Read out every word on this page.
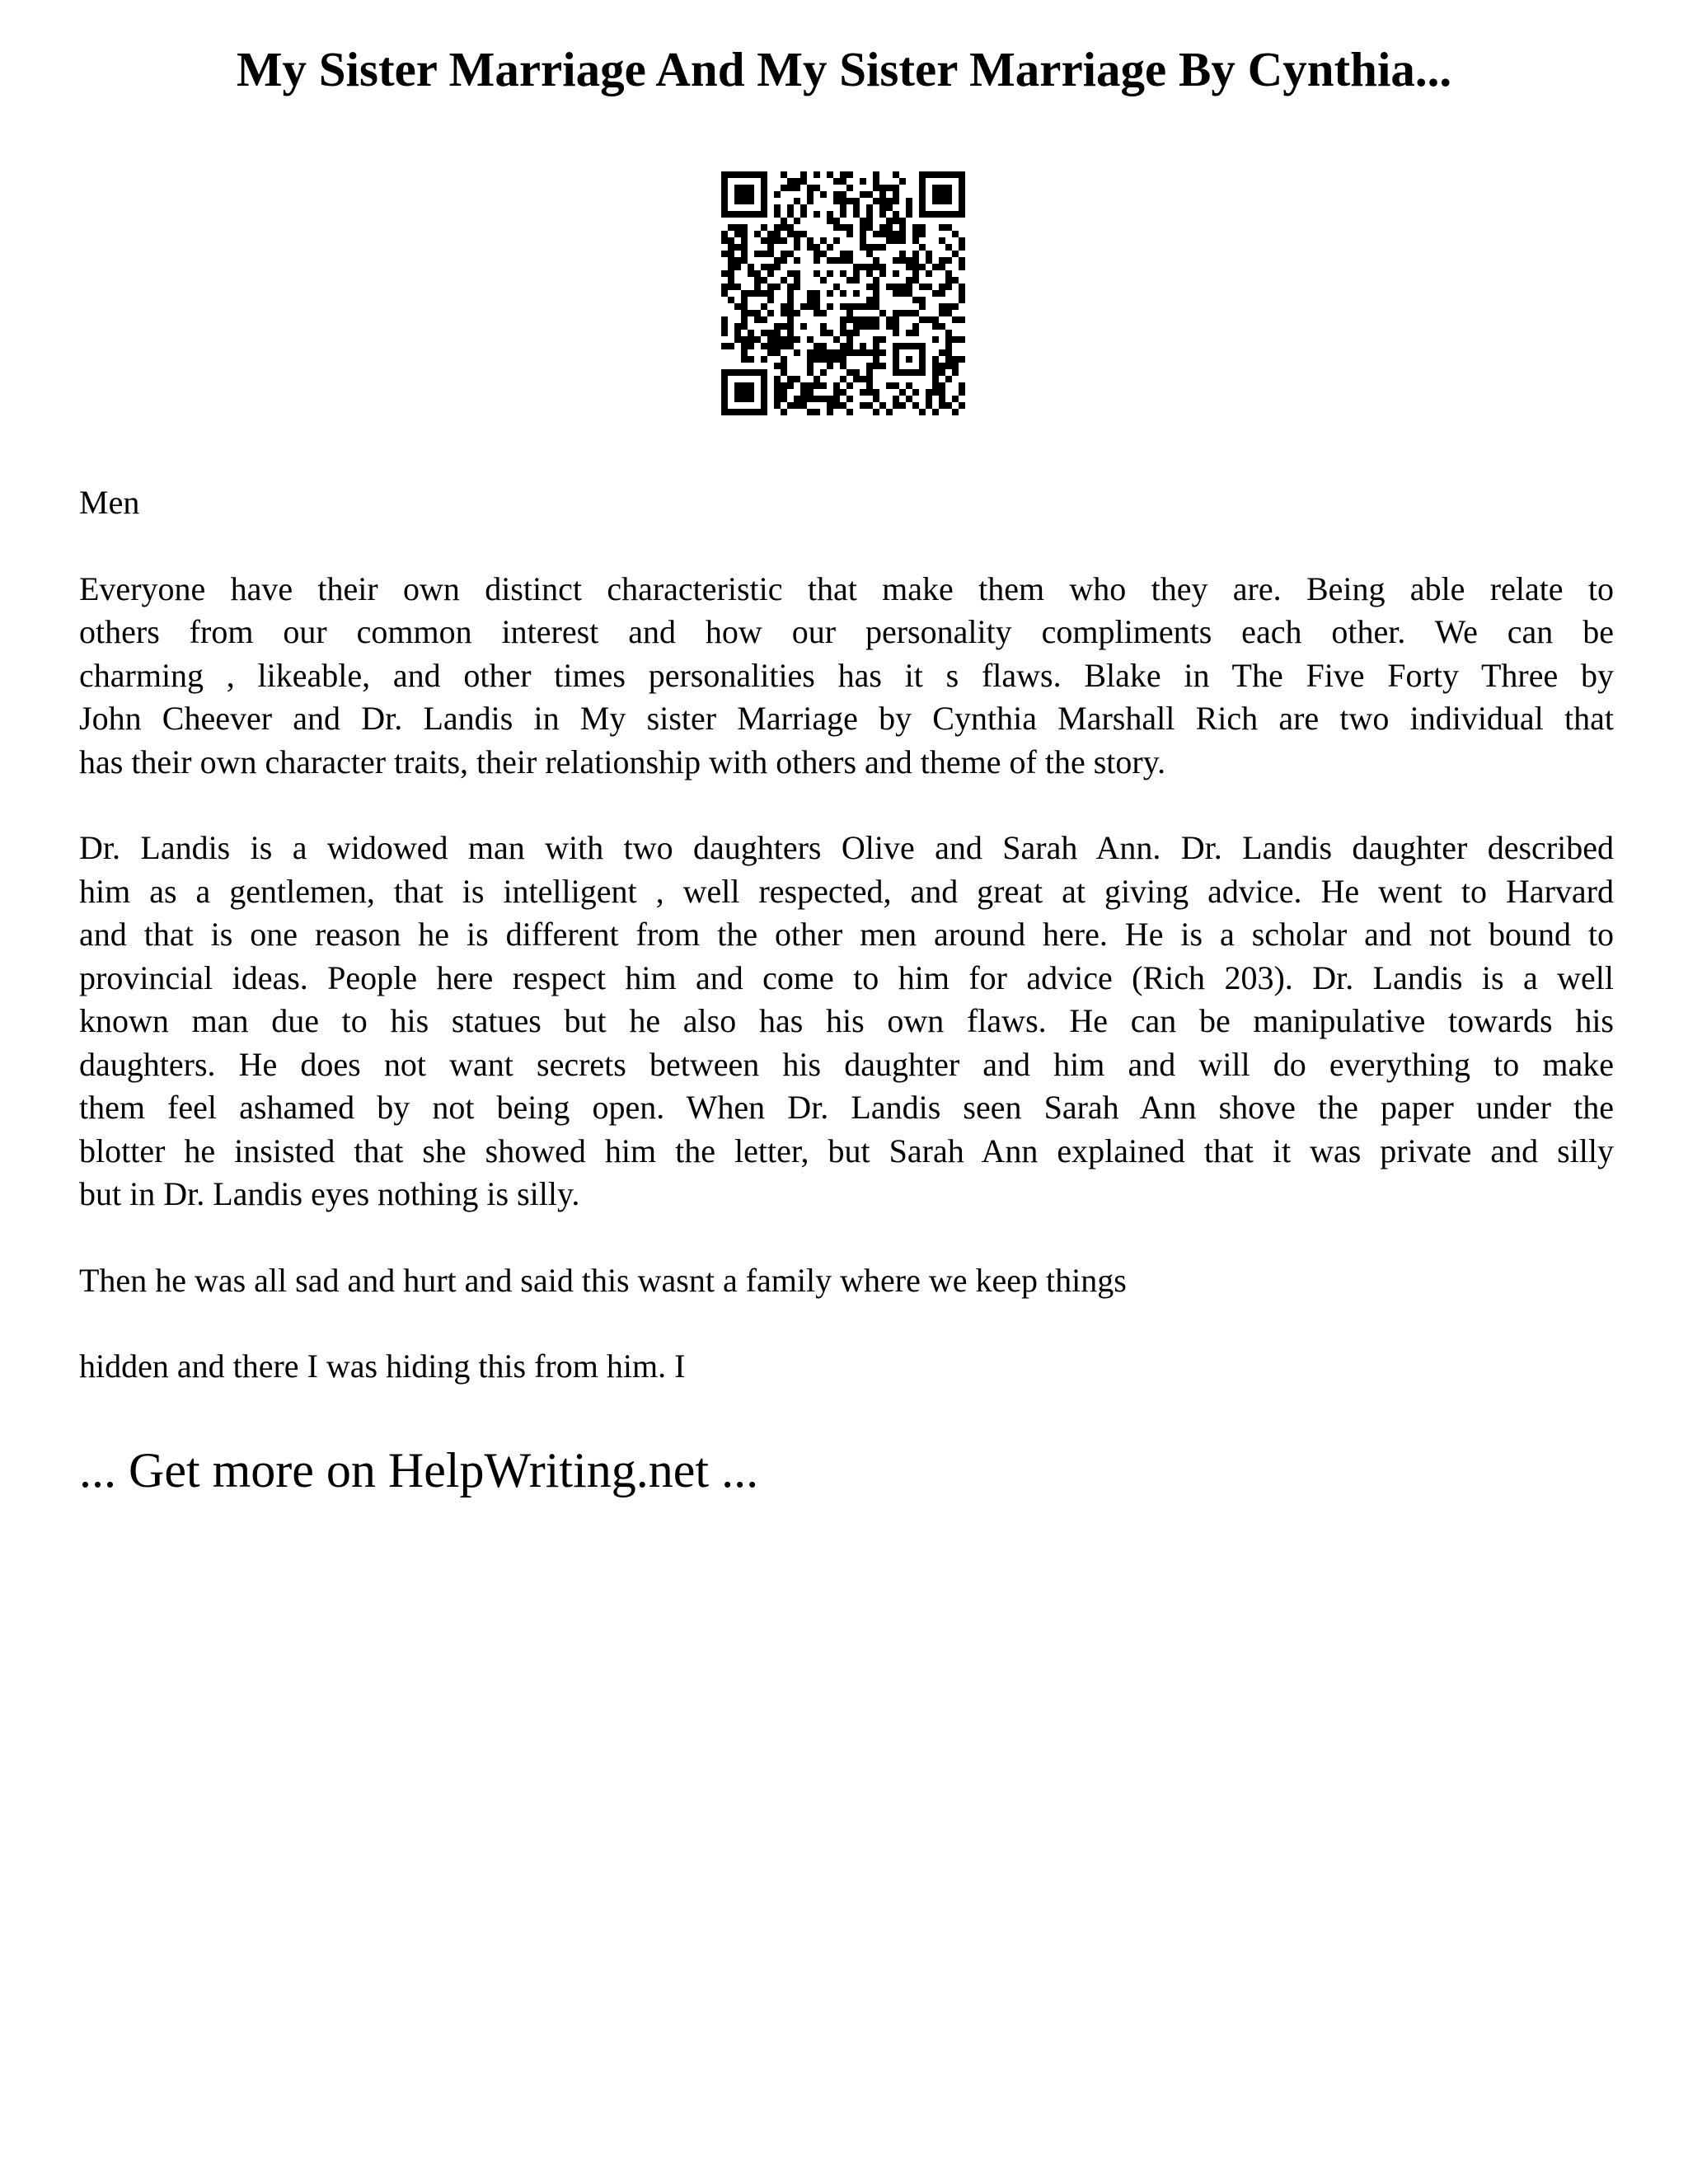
My Sister Marriage And My Sister Marriage By Cynthia...

Men

Everyone have their own distinct characteristic that make them who they are. Being able relate to
others from our common interest and how our personality compliments each other. We can be
charming , likeable, and other times personalities has it s flaws. Blake in The Five Forty Three by
John Cheever and Dr. Landis in My sister Marriage by Cynthia Marshall Rich are two individual that
has their own character traits, their relationship with others and theme of the story.

Dr. Landis is a widowed man with two daughters Olive and Sarah Ann. Dr. Landis daughter described
him as a gentlemen, that is intelligent , well respected, and great at giving advice. He went to Harvard
and that is one reason he is different from the other men around here. He is a scholar and not bound to
provincial ideas. People here respect him and come to him for advice (Rich 203). Dr. Landis is a well
known man due to his statues but he also has his own flaws. He can be manipulative towards his
daughters. He does not want secrets between his daughter and him and will do everything to make
them feel ashamed by not being open. When Dr. Landis seen Sarah Ann shove the paper under the
blotter he insisted that she showed him the letter, but Sarah Ann explained that it was private and silly
but in Dr. Landis eyes nothing is silly.

Then he was all sad and hurt and said this wasnt a family where we keep things

hidden and there I was hiding this from him. I

... Get more on HelpWriting.net ...
